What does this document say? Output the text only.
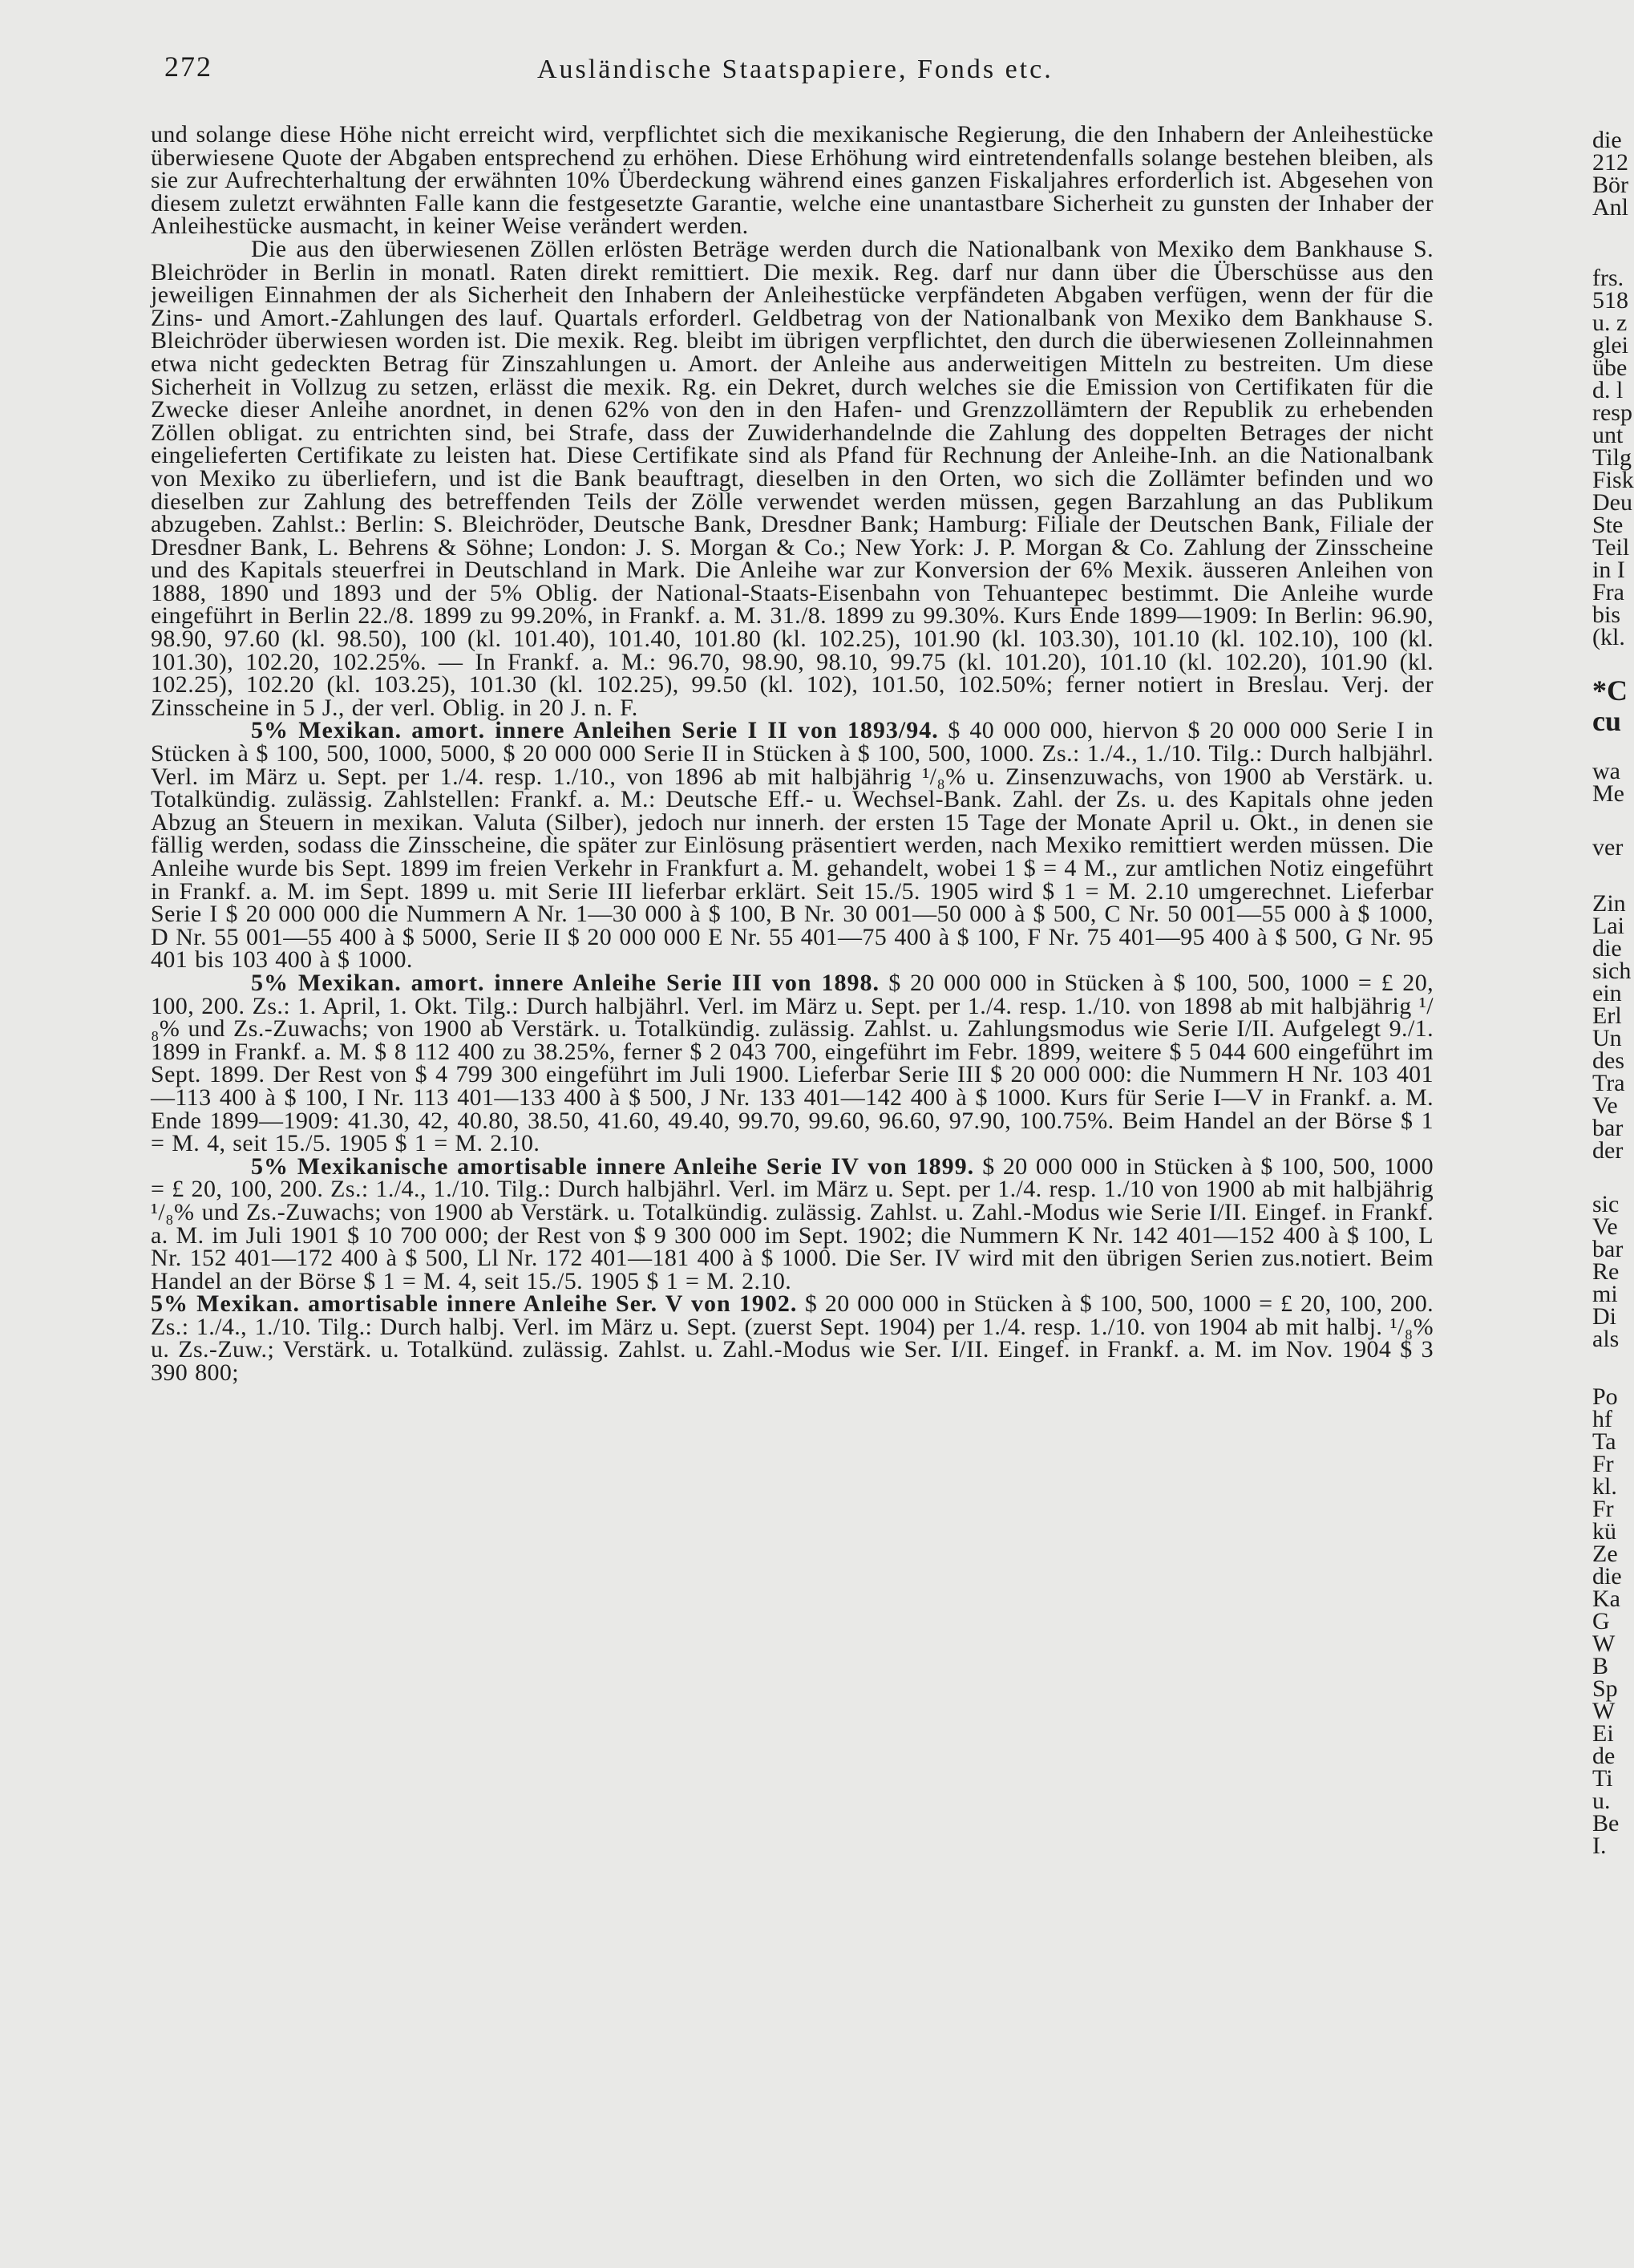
272	Ausländische Staatspapiere, Fonds etc.

und solange diese Höhe nicht erreicht wird, verpflichtet sich die mexikanische Regierung, die den Inhabern der Anleihestücke überwiesene Quote der Abgaben entsprechend zu erhöhen. Diese Erhöhung wird eintretendenfalls solange bestehen bleiben, als sie zur Aufrechterhaltung der erwähnten 10% Überdeckung während eines ganzen Fiskaljahres erforderlich ist. Abgesehen von diesem zuletzt erwähnten Falle kann die festgesetzte Garantie, welche eine unantastbare Sicherheit zu gunsten der Inhaber der Anleihestücke ausmacht, in keiner Weise verändert werden.

Die aus den überwiesenen Zöllen erlösten Beträge werden durch die Nationalbank von Mexiko dem Bankhause S. Bleichröder in Berlin in monatl. Raten direkt remittiert. Die mexik. Reg. darf nur dann über die Überschüsse aus den jeweiligen Einnahmen der als Sicherheit den Inhabern der Anleihestücke verpfändeten Abgaben verfügen, wenn der für die Zins- und Amort.-Zahlungen des lauf. Quartals erforderl. Geldbetrag von der Nationalbank von Mexiko dem Bankhause S. Bleichröder überwiesen worden ist. Die mexik. Reg. bleibt im übrigen verpflichtet, den durch die überwiesenen Zolleinnahmen etwa nicht gedeckten Betrag für Zinszahlungen u. Amort. der Anleihe aus anderweitigen Mitteln zu bestreiten. Um diese Sicherheit in Vollzug zu setzen, erlässt die mexik. Rg. ein Dekret, durch welches sie die Emission von Certifikaten für die Zwecke dieser Anleihe anordnet, in denen 62% von den in den Hafen- und Grenzzollämtern der Republik zu erhebenden Zöllen obligat. zu entrichten sind, bei Strafe, dass der Zuwiderhandelnde die Zahlung des doppelten Betrages der nicht eingelieferten Certifikate zu leisten hat. Diese Certifikate sind als Pfand für Rechnung der Anleihe-Inh. an die Nationalbank von Mexiko zu überliefern, und ist die Bank beauftragt, dieselben in den Orten, wo sich die Zollämter befinden und wo dieselben zur Zahlung des betreffenden Teils der Zölle verwendet werden müssen, gegen Barzahlung an das Publikum abzugeben. Zahlst.: Berlin: S. Bleichröder, Deutsche Bank, Dresdner Bank; Hamburg: Filiale der Deutschen Bank, Filiale der Dresdner Bank, L. Behrens & Söhne; London: J. S. Morgan & Co.; New York: J. P. Morgan & Co. Zahlung der Zinsscheine und des Kapitals steuerfrei in Deutschland in Mark. Die Anleihe war zur Konversion der 6% Mexik. äusseren Anleihen von 1888, 1890 und 1893 und der 5% Oblig. der National-Staats-Eisenbahn von Tehuantepec bestimmt. Die Anleihe wurde eingeführt in Berlin 22./8. 1899 zu 99.20%, in Frankf. a. M. 31./8. 1899 zu 99.30%. Kurs Ende 1899—1909: In Berlin: 96.90, 98.90, 97.60 (kl. 98.50), 100 (kl. 101.40), 101.40, 101.80 (kl. 102.25), 101.90 (kl. 103.30), 101.10 (kl. 102.10), 100 (kl. 101.30), 102.20, 102.25%. — In Frankf. a. M.: 96.70, 98.90, 98.10, 99.75 (kl. 101.20), 101.10 (kl. 102.20), 101.90 (kl. 102.25), 102.20 (kl. 103.25), 101.30 (kl. 102.25), 99.50 (kl. 102), 101.50, 102.50%; ferner notiert in Breslau. Verj. der Zinsscheine in 5 J., der verl. Oblig. in 20 J. n. F.

5% Mexikan. amort. innere Anleihen Serie I II von 1893/94. $ 40 000 000, hiervon $ 20 000 000 Serie I in Stücken à $ 100, 500, 1000, 5000, $ 20 000 000 Serie II in Stücken à $ 100, 500, 1000. Zs.: 1./4., 1./10. Tilg.: Durch halbjährl. Verl. im März u. Sept. per 1./4. resp. 1./10., von 1896 ab mit halbjährig ¹/₈% u. Zinsenzuwachs, von 1900 ab Verstärk. u. Totalkündig. zulässig. Zahlstellen: Frankf. a. M.: Deutsche Eff.- u. Wechsel-Bank. Zahl. der Zs. u. des Kapitals ohne jeden Abzug an Steuern in mexikan. Valuta (Silber), jedoch nur innerh. der ersten 15 Tage der Monate April u. Okt., in denen sie fällig werden, sodass die Zinsscheine, die später zur Einlösung präsentiert werden, nach Mexiko remittiert werden müssen. Die Anleihe wurde bis Sept. 1899 im freien Verkehr in Frankfurt a. M. gehandelt, wobei 1 $ = 4 M., zur amtlichen Notiz eingeführt in Frankf. a. M. im Sept. 1899 u. mit Serie III lieferbar erklärt. Seit 15./5. 1905 wird $ 1 = M. 2.10 umgerechnet. Lieferbar Serie I $ 20 000 000 die Nummern A Nr. 1—30 000 à $ 100, B Nr. 30 001—50 000 à $ 500, C Nr. 50 001—55 000 à $ 1000, D Nr. 55 001—55 400 à $ 5000, Serie II $ 20 000 000 E Nr. 55 401—75 400 à $ 100, F Nr. 75 401—95 400 à $ 500, G Nr. 95 401 bis 103 400 à $ 1000.

5% Mexikan. amort. innere Anleihe Serie III von 1898. $ 20 000 000 in Stücken à $ 100, 500, 1000 = £ 20, 100, 200. Zs.: 1. April, 1. Okt. Tilg.: Durch halbjährl. Verl. im März u. Sept. per 1./4. resp. 1./10. von 1898 ab mit halbjährig ¹/₈% und Zs.-Zuwachs; von 1900 ab Verstärk. u. Totalkündig. zulässig. Zahlst. u. Zahlungsmodus wie Serie I/II. Aufgelegt 9./1. 1899 in Frankf. a. M. $ 8 112 400 zu 38.25%, ferner $ 2 043 700, eingeführt im Febr. 1899, weitere $ 5 044 600 eingeführt im Sept. 1899. Der Rest von $ 4 799 300 eingeführt im Juli 1900. Lieferbar Serie III $ 20 000 000: die Nummern H Nr. 103 401—113 400 à $ 100, I Nr. 113 401—133 400 à $ 500, J Nr. 133 401—142 400 à $ 1000. Kurs für Serie I—V in Frankf. a. M. Ende 1899—1909: 41.30, 42, 40.80, 38.50, 41.60, 49.40, 99.70, 99.60, 96.60, 97.90, 100.75%. Beim Handel an der Börse $ 1 = M. 4, seit 15./5. 1905 $ 1 = M. 2.10.

5% Mexikanische amortisable innere Anleihe Serie IV von 1899. $ 20 000 000 in Stücken à $ 100, 500, 1000 = £ 20, 100, 200. Zs.: 1./4., 1./10. Tilg.: Durch halbjährl. Verl. im März u. Sept. per 1./4. resp. 1./10 von 1900 ab mit halbjährig ¹/₈% und Zs.-Zuwachs; von 1900 ab Verstärk. u. Totalkündig. zulässig. Zahlst. u. Zahl.-Modus wie Serie I/II. Eingef. in Frankf. a. M. im Juli 1901 $ 10 700 000; der Rest von $ 9 300 000 im Sept. 1902; die Nummern K Nr. 142 401—152 400 à $ 100, L Nr. 152 401—172 400 à $ 500, Ll Nr. 172 401—181 400 à $ 1000. Die Ser. IV wird mit den übrigen Serien zus.notiert. Beim Handel an der Börse $ 1 = M. 4, seit 15./5. 1905 $ 1 = M. 2.10.

5% Mexikan. amortisable innere Anleihe Ser. V von 1902. $ 20 000 000 in Stücken à $ 100, 500, 1000 = £ 20, 100, 200. Zs.: 1./4., 1./10. Tilg.: Durch halbj. Verl. im März u. Sept. (zuerst Sept. 1904) per 1./4. resp. 1./10. von 1904 ab mit halbj. ¹/₈% u. Zs.-Zuw.; Verstärk. u. Totalkünd. zulässig. Zahlst. u. Zahl.-Modus wie Ser. I/II. Eingef. in Frankf. a. M. im Nov. 1904 $ 3 390 800;

die
212
Bör
Anl
frs.
518
u. z
glei
übe
d. l
resp
unt
Tilg
Fisk
Deu
Ste
Teil
in I
Fra
bis
(kl.
*C
cu
wa
Me
ver
Zin
Lai
die
sich
ein
Erl
Un
des
Tra
Ve
bar
der
sic
Ve
bar
Re
mi
Di
als
Po
hf
Ta
Fr
kl.
Fr
kü
Ze
die
Ka
G
W
B
Sp
W
Ei
de
Ti
u.
Be
I.
